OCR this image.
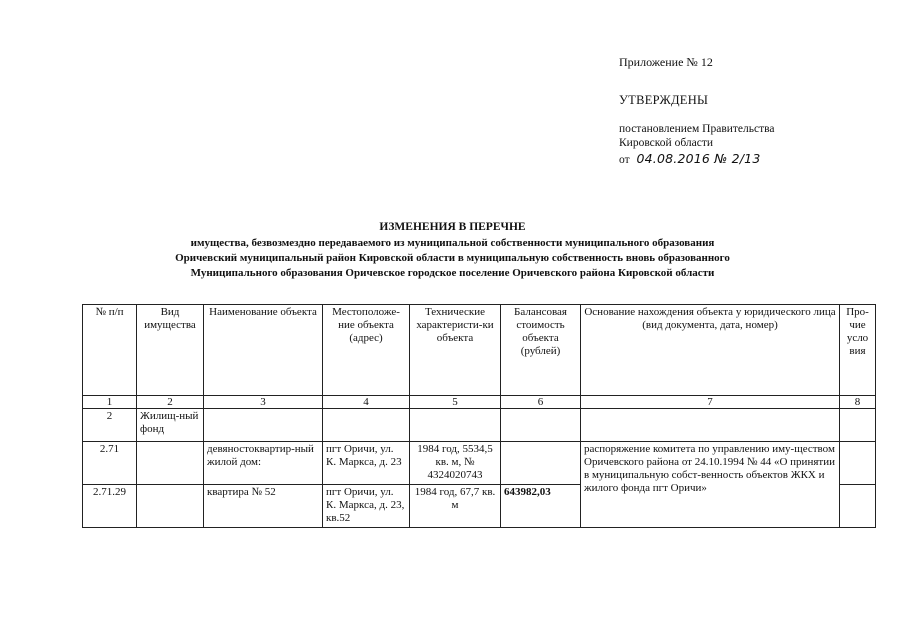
Приложение № 12
УТВЕРЖДЕНЫ
постановлением Правительства
Кировской области
от 04.08.2016 № 2/13
ИЗМЕНЕНИЯ В ПЕРЕЧНЕ
имущества, безвозмездно передаваемого из муниципальной собственности муниципального образования
Оричевский муниципальный район Кировской области в муниципальную собственность вновь образованного
Муниципального образования Оричевское городское поселение Оричевского района Кировской области
№ п/п	Вид имущества	Наименование объекта	Местоположе-ние объекта (адрес)	Технические характеристи-ки объекта	Балансовая стоимость объекта (рублей)	Основание нахождения объекта у юридического лица (вид документа, дата, номер)	Про-чие усло вия
1	2	3	4	5	6	7	8
2	Жилищ-ный фонд						
2.71		девяностоквартир-ный жилой дом:	пгт Оричи, ул. К. Маркса, д. 23	1984 год, 5534,5 кв. м, № 4324020743		распоряжение комитета по управлению иму-ществом Оричевского района от 24.10.1994 № 44 «О принятии в муниципальную собст-венность объектов ЖКХ и жилого фонда пгт Оричи»	
2.71.29		квартира № 52	пгт Оричи, ул. К. Маркса, д. 23, кв.52	1984 год, 67,7 кв. м	643982,03		
